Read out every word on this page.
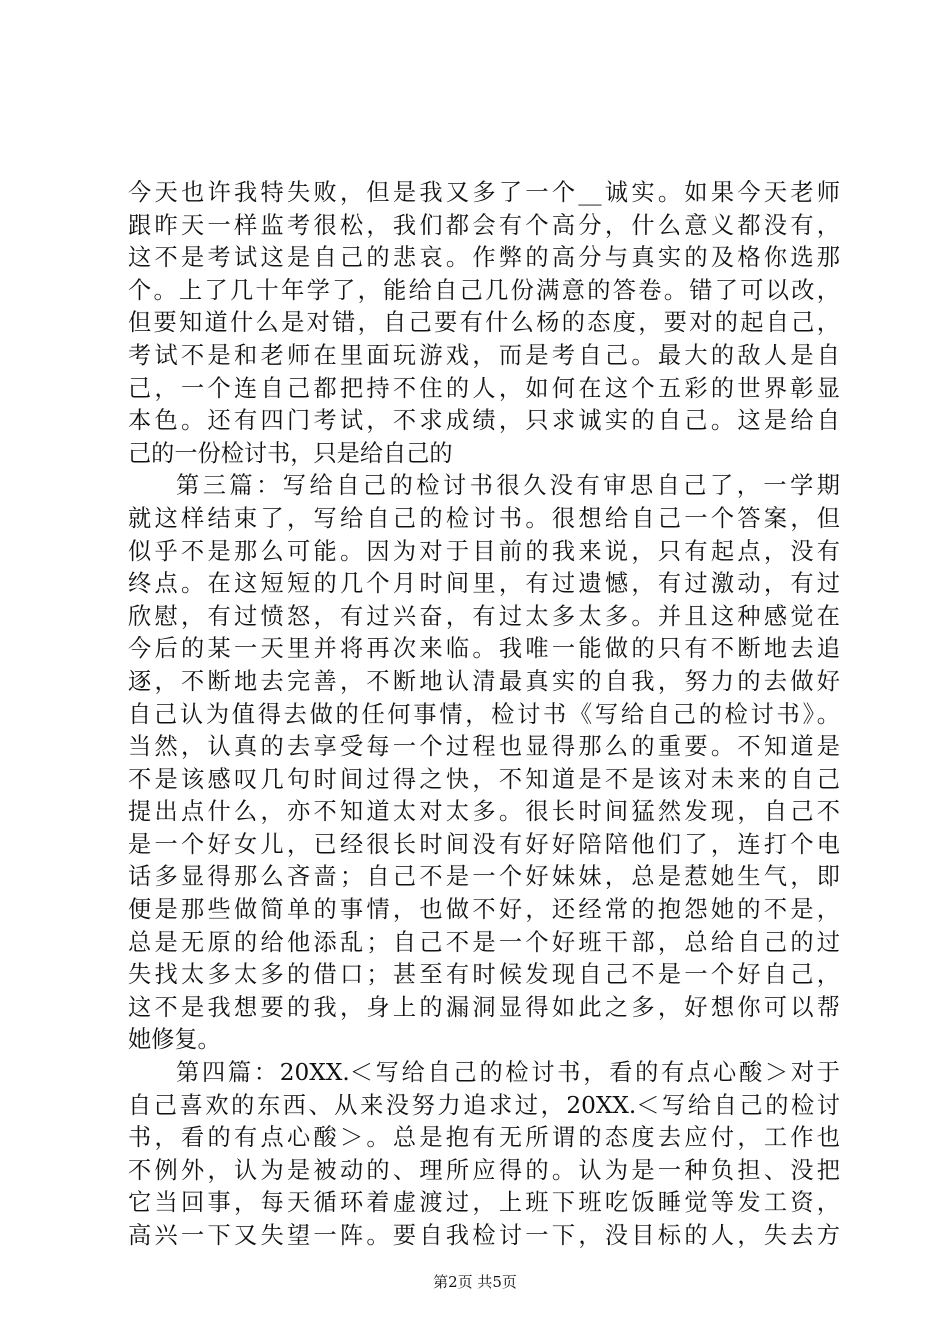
今天也许我特失败，但是我又多了一个__诚实。如果今天老师
跟昨天一样监考很松，我们都会有个高分，什么意义都没有，
这不是考试这是自己的悲哀。作弊的高分与真实的及格你选那
个。上了几十年学了，能给自己几份满意的答卷。错了可以改，
但要知道什么是对错，自己要有什么杨的态度，要对的起自己，
考试不是和老师在里面玩游戏，而是考自己。最大的敌人是自
己，一个连自己都把持不住的人，如何在这个五彩的世界彰显
本色。还有四门考试，不求成绩，只求诚实的自己。这是给自
己的一份检讨书，只是给自己的
第三篇：写给自己的检讨书很久没有审思自己了，一学期
就这样结束了，写给自己的检讨书。很想给自己一个答案，但
似乎不是那么可能。因为对于目前的我来说，只有起点，没有
终点。在这短短的几个月时间里，有过遗憾，有过激动，有过
欣慰，有过愤怒，有过兴奋，有过太多太多。并且这种感觉在
今后的某一天里并将再次来临。我唯一能做的只有不断地去追
逐，不断地去完善，不断地认清最真实的自我，努力的去做好
自己认为值得去做的任何事情，检讨书《写给自己的检讨书》。
当然，认真的去享受每一个过程也显得那么的重要。不知道是
不是该感叹几句时间过得之快，不知道是不是该对未来的自己
提出点什么，亦不知道太对太多。很长时间猛然发现，自己不
是一个好女儿，已经很长时间没有好好陪陪他们了，连打个电
话多显得那么吝啬；自己不是一个好妹妹，总是惹她生气，即
便是那些做简单的事情，也做不好，还经常的抱怨她的不是，
总是无原的给他添乱；自己不是一个好班干部，总给自己的过
失找太多太多的借口；甚至有时候发现自己不是一个好自己，
这不是我想要的我，身上的漏洞显得如此之多，好想你可以帮
她修复。
第四篇：20XX.＜写给自己的检讨书，看的有点心酸＞对于
自己喜欢的东西、从来没努力追求过，20XX.＜写给自己的检讨
书，看的有点心酸＞。总是抱有无所谓的态度去应付，工作也
不例外，认为是被动的、理所应得的。认为是一种负担、没把
它当回事，每天循环着虚渡过，上班下班吃饭睡觉等发工资，
高兴一下又失望一阵。要自我检讨一下，没目标的人，失去方
第2页 共5页
